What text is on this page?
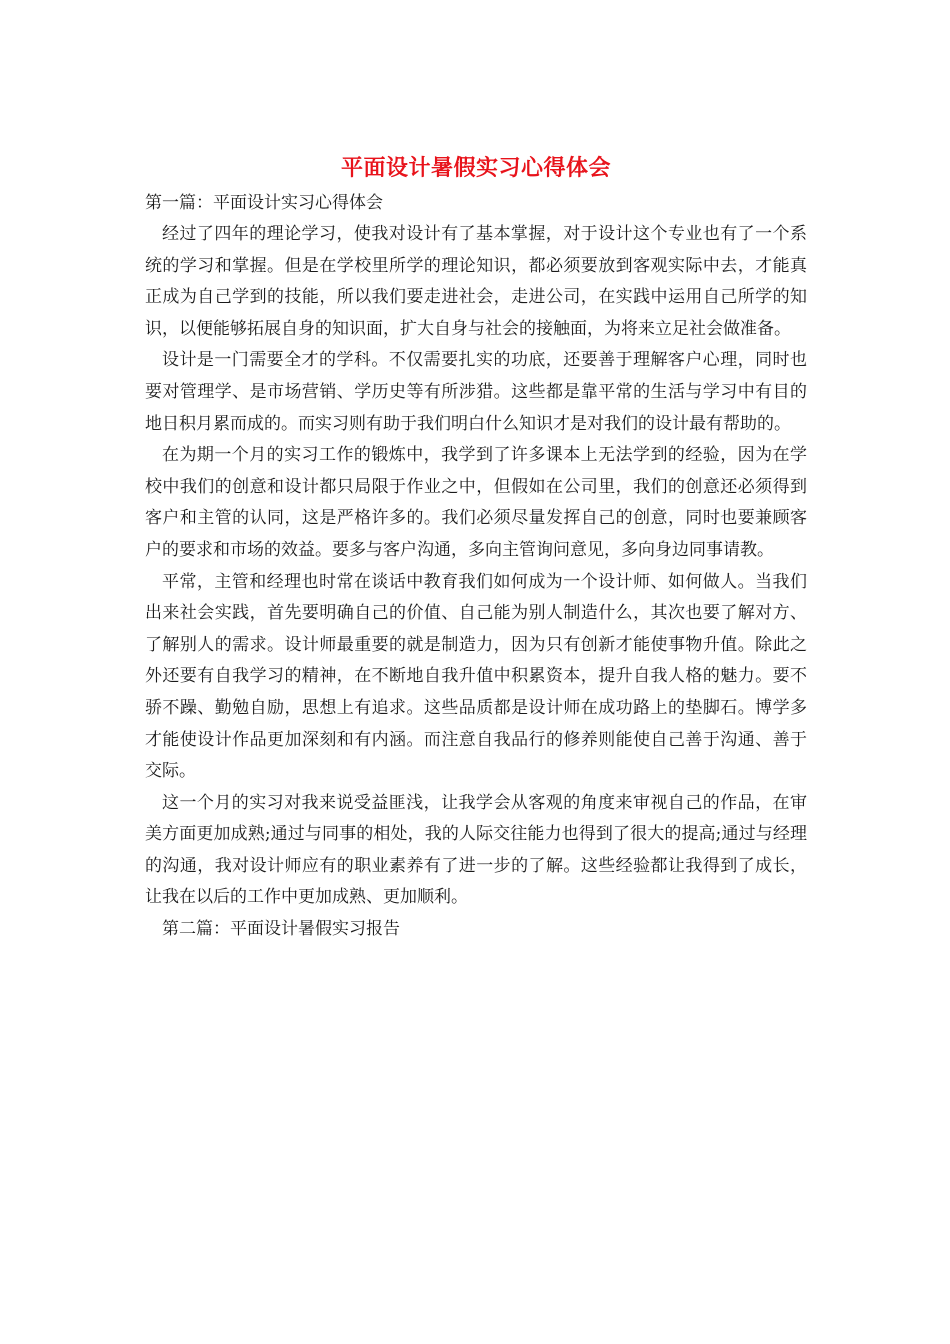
平面设计暑假实习心得体会

第一篇：平面设计实习心得体会

经过了四年的理论学习，使我对设计有了基本掌握，对于设计这个专业也有了一个系统的学习和掌握。但是在学校里所学的理论知识，都必须要放到客观实际中去，才能真正成为自己学到的技能，所以我们要走进社会，走进公司，在实践中运用自己所学的知识，以便能够拓展自身的知识面，扩大自身与社会的接触面，为将来立足社会做准备。

设计是一门需要全才的学科。不仅需要扎实的功底，还要善于理解客户心理，同时也要对管理学、是市场营销、学历史等有所涉猎。这些都是靠平常的生活与学习中有目的地日积月累而成的。而实习则有助于我们明白什么知识才是对我们的设计最有帮助的。

在为期一个月的实习工作的锻炼中，我学到了许多课本上无法学到的经验，因为在学校中我们的创意和设计都只局限于作业之中，但假如在公司里，我们的创意还必须得到客户和主管的认同，这是严格许多的。我们必须尽量发挥自己的创意，同时也要兼顾客户的要求和市场的效益。要多与客户沟通，多向主管询问意见，多向身边同事请教。

平常，主管和经理也时常在谈话中教育我们如何成为一个设计师、如何做人。当我们出来社会实践，首先要明确自己的价值、自己能为别人制造什么，其次也要了解对方、了解别人的需求。设计师最重要的就是制造力，因为只有创新才能使事物升值。除此之外还要有自我学习的精神，在不断地自我升值中积累资本，提升自我人格的魅力。要不骄不躁、勤勉自励，思想上有追求。这些品质都是设计师在成功路上的垫脚石。博学多才能使设计作品更加深刻和有内涵。而注意自我品行的修养则能使自己善于沟通、善于交际。

这一个月的实习对我来说受益匪浅，让我学会从客观的角度来审视自己的作品，在审美方面更加成熟;通过与同事的相处，我的人际交往能力也得到了很大的提高;通过与经理的沟通，我对设计师应有的职业素养有了进一步的了解。这些经验都让我得到了成长，让我在以后的工作中更加成熟、更加顺利。

第二篇：平面设计暑假实习报告
